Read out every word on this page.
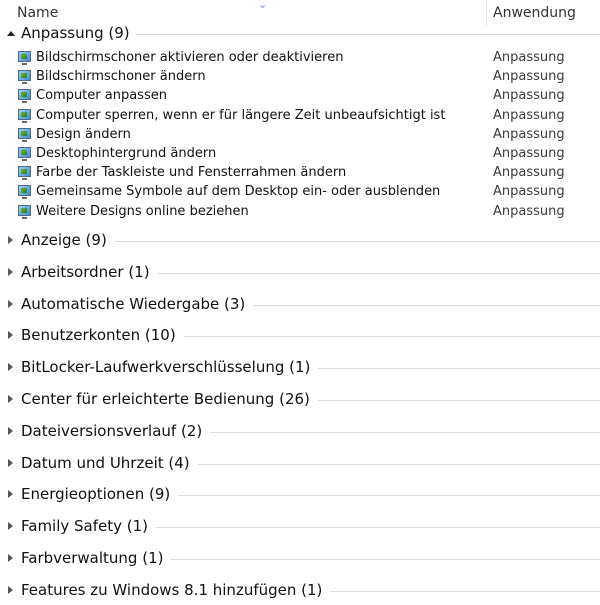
⌄
Name	Anwendung
Anpassung (9)
Bildschirmschoner aktivieren oder deaktivieren	Anpassung
Bildschirmschoner ändern	Anpassung
Computer anpassen	Anpassung
Computer sperren, wenn er für längere Zeit unbeaufsichtigt ist	Anpassung
Design ändern	Anpassung
Desktophintergrund ändern	Anpassung
Farbe der Taskleiste und Fensterrahmen ändern	Anpassung
Gemeinsame Symbole auf dem Desktop ein- oder ausblenden	Anpassung
Weitere Designs online beziehen	Anpassung
Anzeige (9)
Arbeitsordner (1)
Automatische Wiedergabe (3)
Benutzerkonten (10)
BitLocker-Laufwerkverschlüsselung (1)
Center für erleichterte Bedienung (26)
Dateiversionsverlauf (2)
Datum und Uhrzeit (4)
Energieoptionen (9)
Family Safety (1)
Farbverwaltung (1)
Features zu Windows 8.1 hinzufügen (1)
